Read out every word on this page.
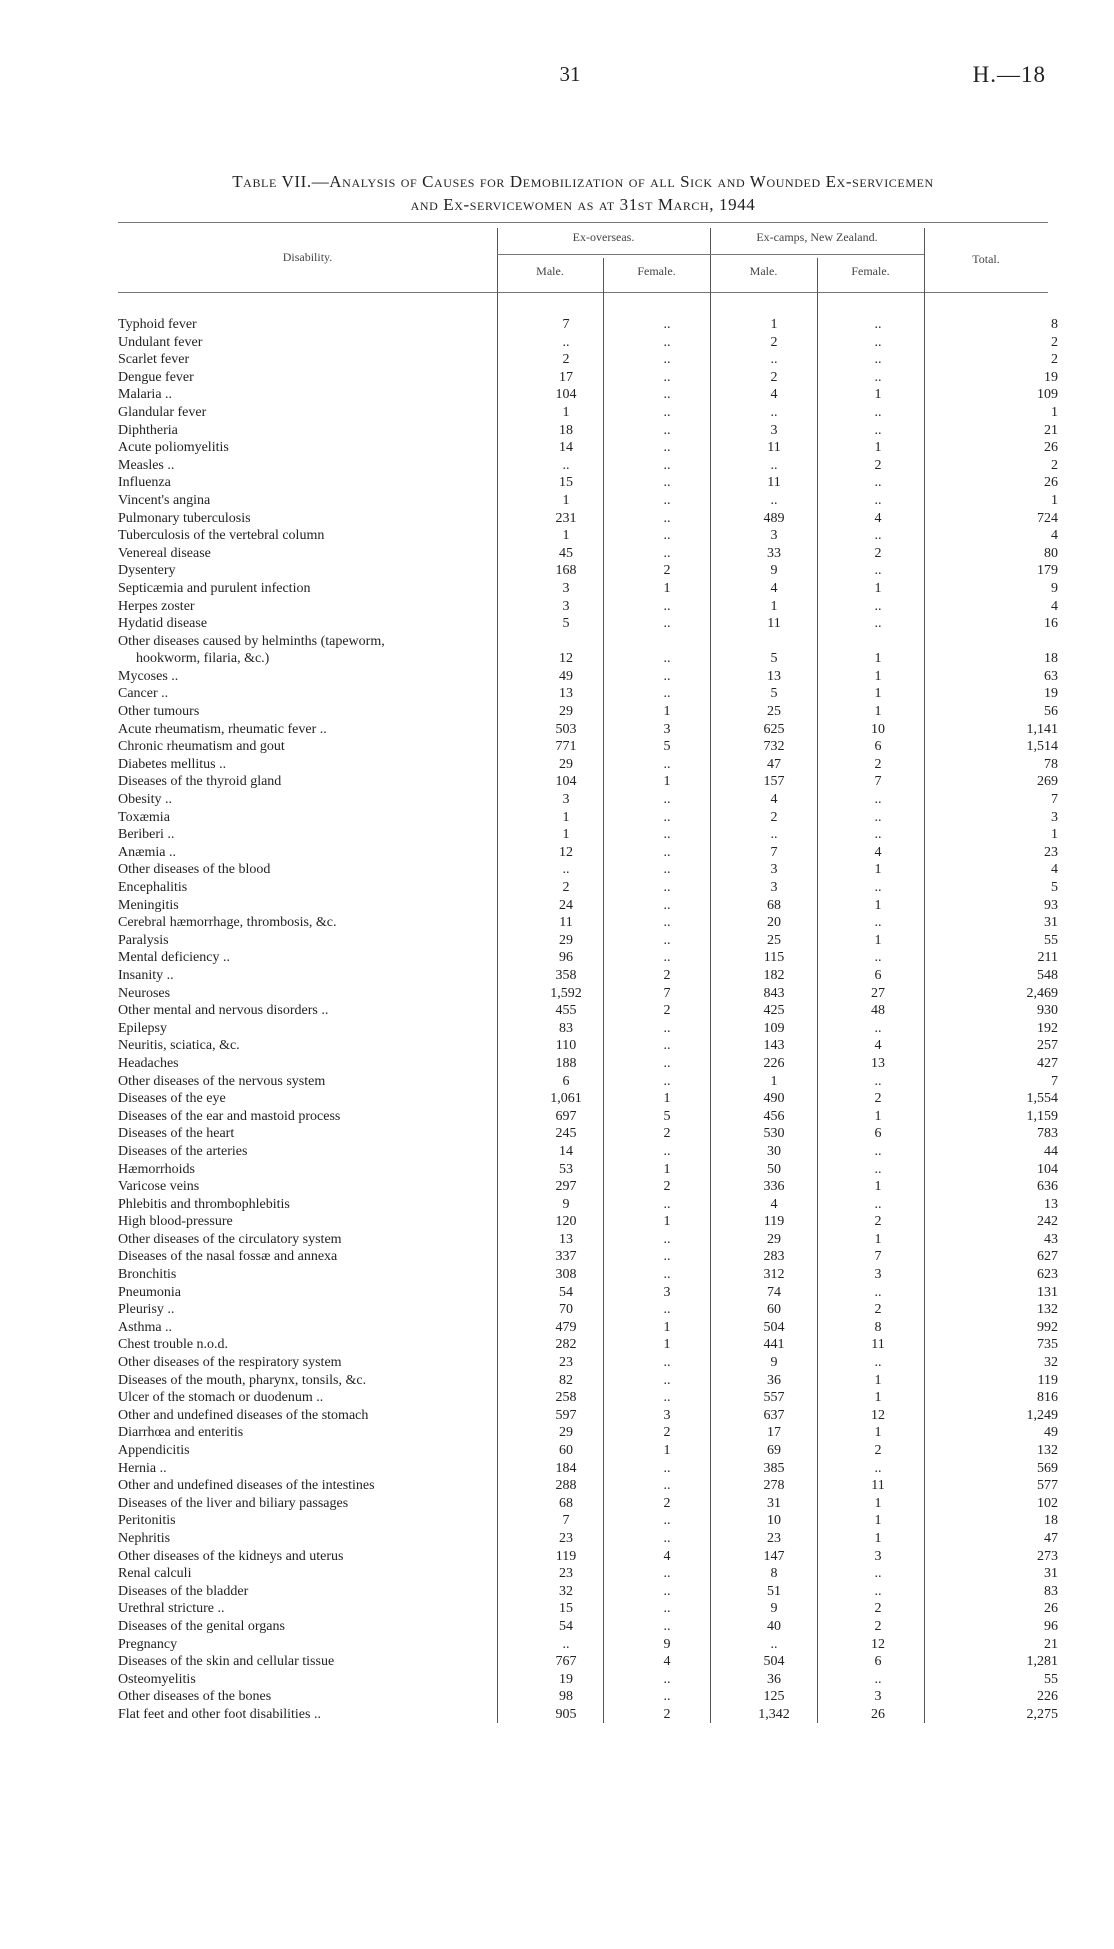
31	H.—18
Table VII.—Analysis of Causes for Demobilization of all Sick and Wounded Ex-servicemen
and Ex-servicewomen as at 31st March, 1944
Disability.
Ex-overseas.	Ex-camps, New Zealand.
Male.	Female.	Male.	Female.
Total.
Typhoid fever	7	..	1	..	8
Undulant fever	..	..	2	..	2
Scarlet fever	2	..	..	..	2
Dengue fever	17	..	2	..	19
Malaria ..	104	..	4	1	109
Glandular fever	1	..	..	..	1
Diphtheria	18	..	3	..	21
Acute poliomyelitis	14	..	11	1	26
Measles ..	..	..	..	2	2
Influenza	15	..	11	..	26
Vincent's angina	1	..	..	..	1
Pulmonary tuberculosis	231	..	489	4	724
Tuberculosis of the vertebral column	1	..	3	..	4
Venereal disease	45	..	33	2	80
Dysentery	168	2	9	..	179
Septicæmia and purulent infection	3	1	4	1	9
Herpes zoster	3	..	1	..	4
Hydatid disease	5	..	11	..	16
Other diseases caused by helminths (tapeworm,
hookworm, filaria, &c.)	12	..	5	1	18
Mycoses ..	49	..	13	1	63
Cancer ..	13	..	5	1	19
Other tumours	29	1	25	1	56
Acute rheumatism, rheumatic fever ..	503	3	625	10	1,141
Chronic rheumatism and gout	771	5	732	6	1,514
Diabetes mellitus ..	29	..	47	2	78
Diseases of the thyroid gland	104	1	157	7	269
Obesity ..	3	..	4	..	7
Toxæmia	1	..	2	..	3
Beriberi ..	1	..	..	..	1
Anæmia ..	12	..	7	4	23
Other diseases of the blood	..	..	3	1	4
Encephalitis	2	..	3	..	5
Meningitis	24	..	68	1	93
Cerebral hæmorrhage, thrombosis, &c.	11	..	20	..	31
Paralysis	29	..	25	1	55
Mental deficiency ..	96	..	115	..	211
Insanity ..	358	2	182	6	548
Neuroses	1,592	7	843	27	2,469
Other mental and nervous disorders ..	455	2	425	48	930
Epilepsy	83	..	109	..	192
Neuritis, sciatica, &c.	110	..	143	4	257
Headaches	188	..	226	13	427
Other diseases of the nervous system	6	..	1	..	7
Diseases of the eye	1,061	1	490	2	1,554
Diseases of the ear and mastoid process	697	5	456	1	1,159
Diseases of the heart	245	2	530	6	783
Diseases of the arteries	14	..	30	..	44
Hæmorrhoids	53	1	50	..	104
Varicose veins	297	2	336	1	636
Phlebitis and thrombophlebitis	9	..	4	..	13
High blood-pressure	120	1	119	2	242
Other diseases of the circulatory system	13	..	29	1	43
Diseases of the nasal fossæ and annexa	337	..	283	7	627
Bronchitis	308	..	312	3	623
Pneumonia	54	3	74	..	131
Pleurisy ..	70	..	60	2	132
Asthma ..	479	1	504	8	992
Chest trouble n.o.d.	282	1	441	11	735
Other diseases of the respiratory system	23	..	9	..	32
Diseases of the mouth, pharynx, tonsils, &c.	82	..	36	1	119
Ulcer of the stomach or duodenum ..	258	..	557	1	816
Other and undefined diseases of the stomach	597	3	637	12	1,249
Diarrhœa and enteritis	29	2	17	1	49
Appendicitis	60	1	69	2	132
Hernia ..	184	..	385	..	569
Other and undefined diseases of the intestines	288	..	278	11	577
Diseases of the liver and biliary passages	68	2	31	1	102
Peritonitis	7	..	10	1	18
Nephritis	23	..	23	1	47
Other diseases of the kidneys and uterus	119	4	147	3	273
Renal calculi	23	..	8	..	31
Diseases of the bladder	32	..	51	..	83
Urethral stricture ..	15	..	9	2	26
Diseases of the genital organs	54	..	40	2	96
Pregnancy	..	9	..	12	21
Diseases of the skin and cellular tissue	767	4	504	6	1,281
Osteomyelitis	19	..	36	..	55
Other diseases of the bones	98	..	125	3	226
Flat feet and other foot disabilities ..	905	2	1,342	26	2,275
